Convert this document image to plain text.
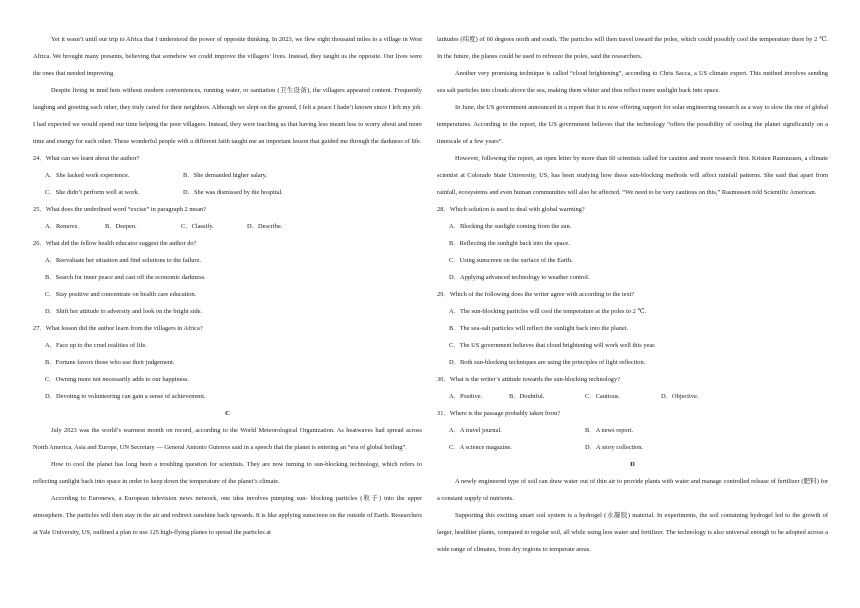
Yet it wasn’t until our trip to Africa that I understood the power of opposite thinking. In 2023, we flew eight thousand miles to a village in West Africa. We brought many presents, believing that somehow we could improve the villagers’ lives. Instead, they taught us the opposite. Our lives were the ones that needed improving.

Despite living in mud huts without modern conveniences, running water, or sanitation (卫生设备), the villagers appeared content. Frequently laughing and greeting each other, they truly cared for their neighbors. Although we slept on the ground, I felt a peace I hadn’t known since I left my job. I had expected we would spend our time helping the poor villagers. Instead, they were teaching us that having less meant less to worry about and more time and energy for each other. These wonderful people with a different faith taught me an important lesson that guided me through the darkness of life.

24．What can we learn about the author?

A．She lacked work experience.	B．She demanded higher salary.
C．She didn’t perform well at work.	D．She was dismissed by the hospital.

25．What does the underlined word “excise” in paragraph 2 mean?

A．Remove.	B．Deepen.	C．Classify.	D．Describe.

26．What did the fellow health educator suggest the author do?

A．Reevaluate her situation and find solutions to the failure.

B．Search for inner peace and cast off the economic darkness.

C．Stay positive and concentrate on health care education.

D．Shift her attitude to adversity and look on the bright side.

27．What lesson did the author learn from the villagers in Africa?

A．Face up to the cruel realities of life.

B．Fortune favors those who use their judgement.

C．Owning more not necessarily adds to our happiness.

D．Devoting to volunteering can gain a sense of achievement.

C

July 2023 was the world’s warmest month on record, according to the World Meteorological Organization. As heatwaves had spread across North America, Asia and Europe, UN Secretary — General Antonio Guterres said in a speech that the planet is entering an “era of global boiling”.

How to cool the planet has long been a troubling question for scientists. They are now turning to sun-blocking technology, which refers to reflecting sunlight back into space in order to keep down the temperature of the planet’s climate.

According to Euronews, a European television news network, one idea involves pumping sun- blocking particles (粒子) into the upper atmosphere. The particles will then stay in the air and redirect sunshine back upwards. It is like applying sunscreen on the outside of Earth. Researchers at Yale University, US, outlined a plan to use 125 high-flying planes to spread the particles at

latitudes (纬度) of 60 degrees north and south. The particles will then travel toward the poles, which could possibly cool the temperature there by 2 ℃. In the future, the planes could be used to refreeze the poles, said the researchers.

Another very promising technique is called “cloud brightening”, according to Chris Sacca, a US climate expert. This method involves sending sea salt particles into clouds above the sea, making them whiter and thus reflect more sunlight back into space.

In June, the US government announced in a report that it is now offering support for solar engineering research as a way to slow the rise of global temperatures. According to the report, the US government believes that the technology “offers the possibility of cooling the planet significantly on a timescale of a few years”.

However, following the report, an open letter by more than 60 scientists called for caution and more research first. Kristen Rasmussen, a climate scientist at Colorado State University, US, has been studying how these sun-blocking methods will affect rainfall patterns. She said that apart from rainfall, ecosystems and even human communities will also be affected. “We need to be very cautious on this,” Rasmussen told Scientific American.

28．Which solution is used to deal with global warming?

A．Blocking the sunlight coming from the sun.

B．Reflecting the sunlight back into the space.

C．Using sunscreen on the surface of the Earth.

D．Applying advanced technology to weather control.

29．Which of the following does the writer agree with according to the text?

A．The sun-blocking particles will cool the temperature at the poles to 2 ℃.

B．The sea-salt particles will reflect the sunlight back into the planet.

C．The US government believes that cloud brightening will work well this year.

D．Both sun-blocking techniques are using the principles of light reflection.

30．What is the writer’s attitude towards the sun-blocking technology?

A．Positive.	B．Doubtful.	C．Cautious.	D．Objective.

31．Where is the passage probably taken from?

A．A travel journal.	B．A news report.
C．A science magazine.	D．A story collection.

D

A newly engineered type of soil can draw water out of thin air to provide plants with water and manage controlled release of fertilizer (肥料) for a constant supply of nutrients.

Supporting this exciting smart soil system is a hydrogel (水凝胶) material. In experiments, the soil containing hydrogel led to the growth of larger, healthier plants, compared to regular soil, all while using less water and fertilizer. The technology is also universal enough to be adopted across a wide range of climates, from dry regions to temperate areas.
